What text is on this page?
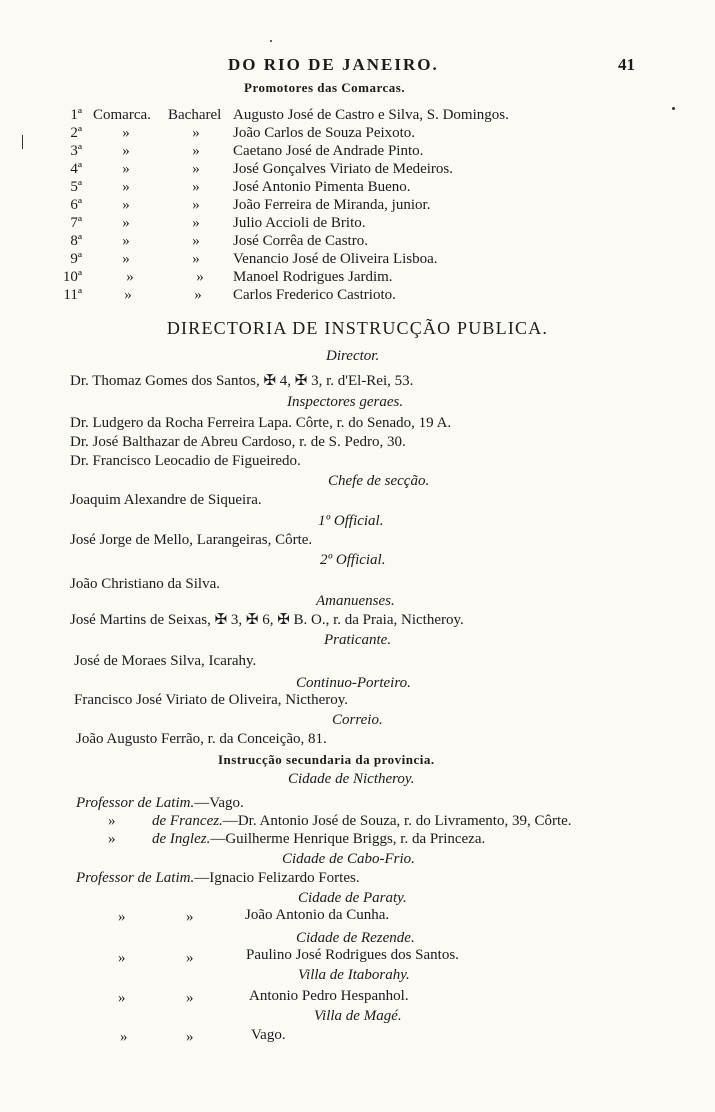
DO RIO DE JANEIRO.	41
Promotores das Comarcas.
1ª Comarca. Bacharel Augusto José de Castro e Silva, S. Domingos.
2ª	»	»	João Carlos de Souza Peixoto.
3ª	»	»	Caetano José de Andrade Pinto.
4ª	»	»	José Gonçalves Viriato de Medeiros.
5ª	»	»	José Antonio Pimenta Bueno.
6ª	»	»	João Ferreira de Miranda, junior.
7ª	»	»	Julio Accioli de Brito.
8ª	»	»	José Corrêa de Castro.
9ª	»	»	Venancio José de Oliveira Lisboa.
10ª	»	»	Manoel Rodrigues Jardim.
11ª	»	»	Carlos Frederico Castrioto.
DIRECTORIA DE INSTRUCÇÃO PUBLICA.
Director.
Dr. Thomaz Gomes dos Santos, ✠ 4, ✠ 3, r. d'El-Rei, 53.
Inspectores geraes.
Dr. Ludgero da Rocha Ferreira Lapa. Côrte, r. do Senado, 19 A.
Dr. José Balthazar de Abreu Cardoso, r. de S. Pedro, 30.
Dr. Francisco Leocadio de Figueiredo.
Chefe de secção.
Joaquim Alexandre de Siqueira.
1º Official.
José Jorge de Mello, Larangeiras, Côrte.
2º Official.
João Christiano da Silva.
Amanuenses.
José Martins de Seixas, ✠ 3, ✠ 6, ✠ B. O., r. da Praia, Nictheroy.
Praticante.
José de Moraes Silva, Icarahy.
Continuo-Porteiro.
Francisco José Viriato de Oliveira, Nictheroy.
Correio.
João Augusto Ferrão, r. da Conceição, 81.
Instrucção secundaria da provincia.
Cidade de Nictheroy.
Professor de Latim.—Vago.
» de Francez.—Dr. Antonio José de Souza, r. do Livramento, 39, Côrte.
» de Inglez.—Guilherme Henrique Briggs, r. da Princeza.
Cidade de Cabo-Frio.
Professor de Latim.—Ignacio Felizardo Fortes.
Cidade de Paraty.
»	»	João Antonio da Cunha.
Cidade de Rezende.
»	»	Paulino José Rodrigues dos Santos.
Villa de Itaborahy.
»	»	Antonio Pedro Hespanhol.
Villa de Magé.
»	»	Vago.
